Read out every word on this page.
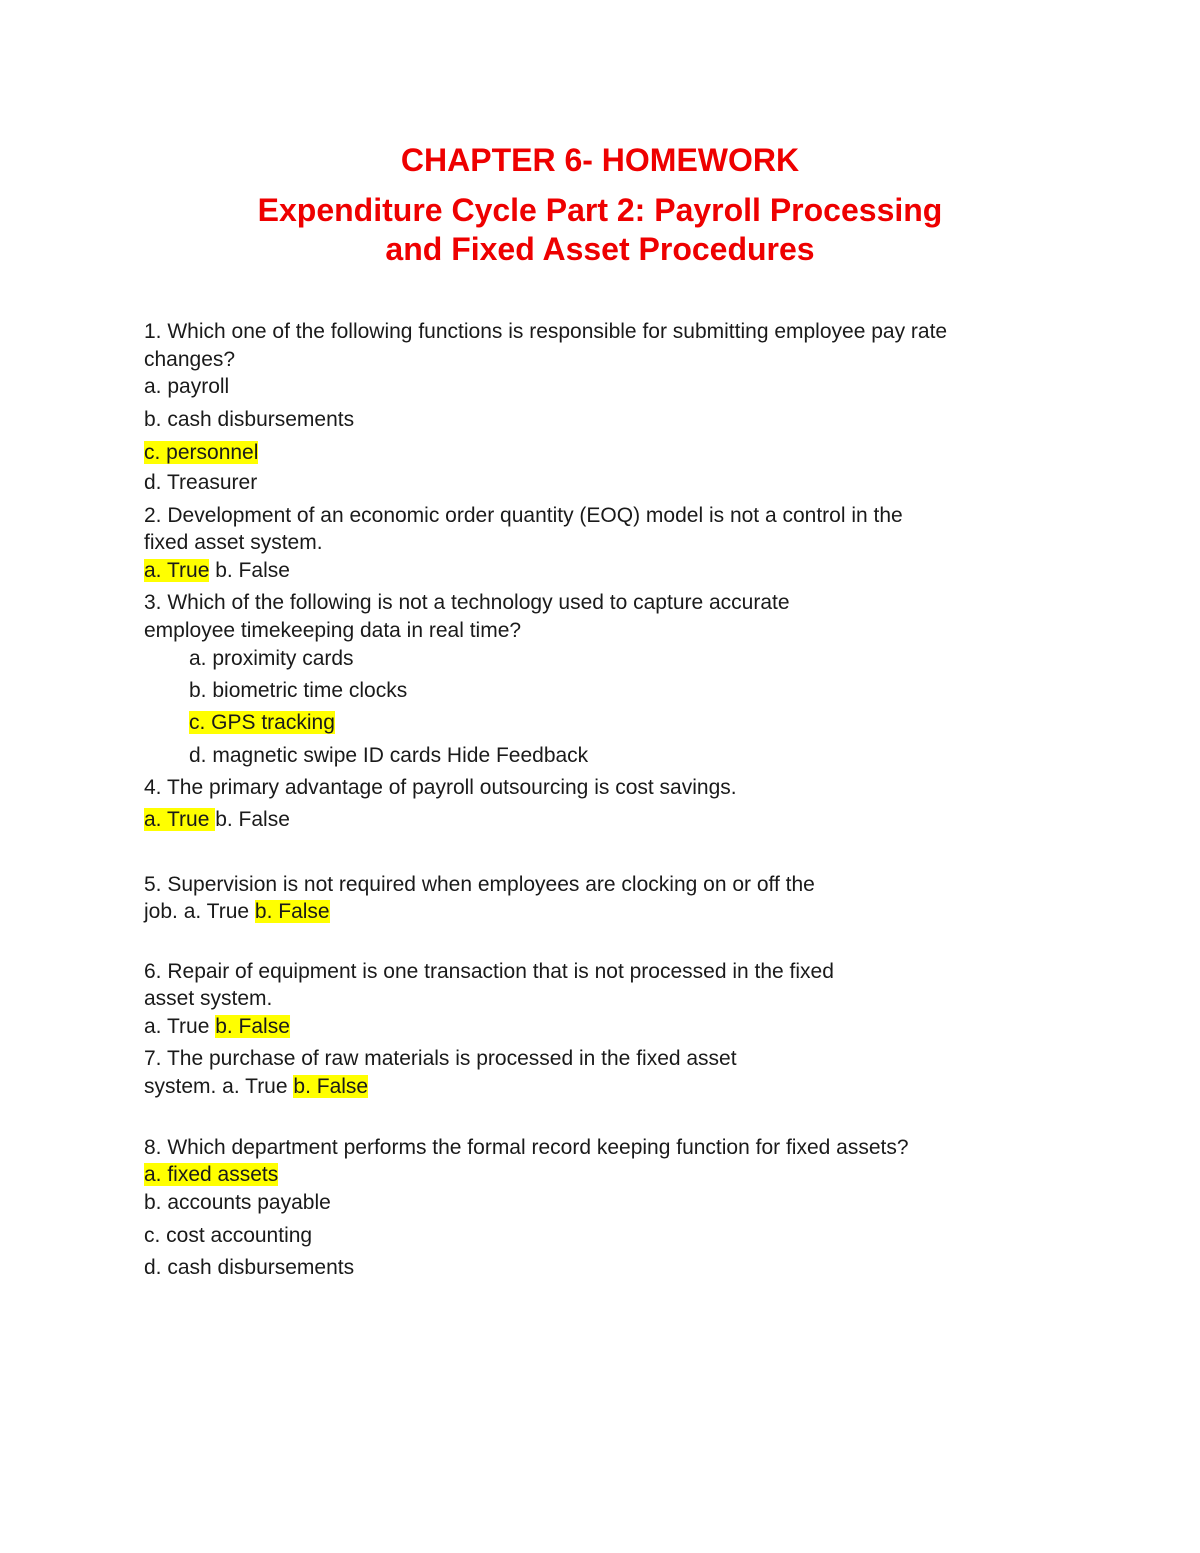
CHAPTER 6- HOMEWORK
Expenditure Cycle Part 2: Payroll Processing
and Fixed Asset Procedures
1. Which one of the following functions is responsible for submitting employee pay rate
changes?
a. payroll
b. cash disbursements
c. personnel
d. Treasurer
2. Development of an economic order quantity (EOQ) model is not a control in the
fixed asset system.
a. True b. False
3. Which of the following is not a technology used to capture accurate
employee timekeeping data in real time?
a. proximity cards
b. biometric time clocks
c. GPS tracking
d. magnetic swipe ID cards Hide Feedback
4. The primary advantage of payroll outsourcing is cost savings.
a. True b. False
5. Supervision is not required when employees are clocking on or off the
job. a. True b. False
6. Repair of equipment is one transaction that is not processed in the fixed
asset system.
a. True b. False
7. The purchase of raw materials is processed in the fixed asset
system. a. True b. False
8. Which department performs the formal record keeping function for fixed assets?
a. fixed assets
b. accounts payable
c. cost accounting
d. cash disbursements
